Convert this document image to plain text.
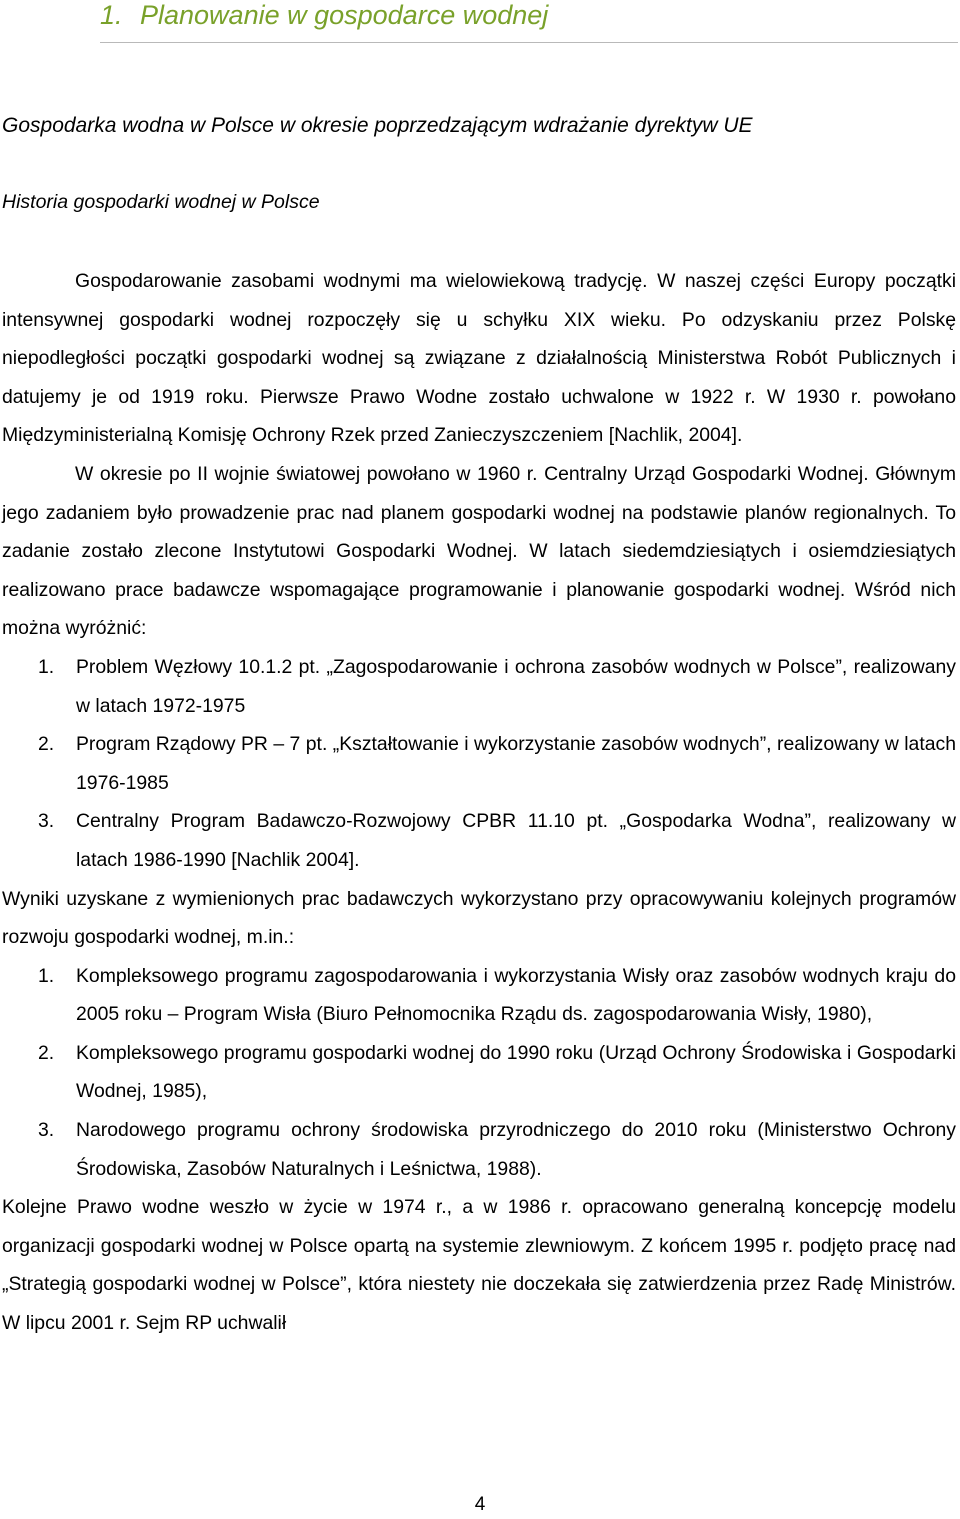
1. Planowanie w gospodarce wodnej
Gospodarka wodna w Polsce w okresie poprzedzającym wdrażanie dyrektyw UE
Historia gospodarki wodnej w Polsce

Gospodarowanie zasobami wodnymi ma wielowiekową tradycję. W naszej części Europy początki intensywnej gospodarki wodnej rozpoczęły się u schyłku XIX wieku. Po odzyskaniu przez Polskę niepodległości początki gospodarki wodnej są związane z działalnością Ministerstwa Robót Publicznych i datujemy je od 1919 roku. Pierwsze Prawo Wodne zostało uchwalone w 1922 r. W 1930 r. powołano Międzyministerialną Komisję Ochrony Rzek przed Zanieczyszczeniem [Nachlik, 2004].

W okresie po II wojnie światowej powołano w 1960 r. Centralny Urząd Gospodarki Wodnej. Głównym jego zadaniem było prowadzenie prac nad planem gospodarki wodnej na podstawie planów regionalnych. To zadanie zostało zlecone Instytutowi Gospodarki Wodnej. W latach siedemdziesiątych i osiemdziesiątych realizowano prace badawcze wspomagające programowanie i planowanie gospodarki wodnej. Wśród nich można wyróżnić:

1. Problem Węzłowy 10.1.2 pt. „Zagospodarowanie i ochrona zasobów wodnych w Polsce”, realizowany w latach 1972-1975
2. Program Rządowy PR – 7 pt. „Kształtowanie i wykorzystanie zasobów wodnych”, realizowany w latach 1976-1985
3. Centralny Program Badawczo-Rozwojowy CPBR 11.10 pt. „Gospodarka Wodna”, realizowany w latach 1986-1990 [Nachlik 2004].

Wyniki uzyskane z wymienionych prac badawczych wykorzystano przy opracowywaniu kolejnych programów rozwoju gospodarki wodnej, m.in.:

1. Kompleksowego programu zagospodarowania i wykorzystania Wisły oraz zasobów wodnych kraju do 2005 roku – Program Wisła (Biuro Pełnomocnika Rządu ds. zagospodarowania Wisły, 1980),
2. Kompleksowego programu gospodarki wodnej do 1990 roku (Urząd Ochrony Środowiska i Gospodarki Wodnej, 1985),
3. Narodowego programu ochrony środowiska przyrodniczego do 2010 roku (Ministerstwo Ochrony Środowiska, Zasobów Naturalnych i Leśnictwa, 1988).

Kolejne Prawo wodne weszło w życie w 1974 r., a w 1986 r. opracowano generalną koncepcję modelu organizacji gospodarki wodnej w Polsce opartą na systemie zlewniowym. Z końcem 1995 r. podjęto pracę nad „Strategią gospodarki wodnej w Polsce”, która niestety nie doczekała się zatwierdzenia przez Radę Ministrów. W lipcu 2001 r. Sejm RP uchwalił

4
